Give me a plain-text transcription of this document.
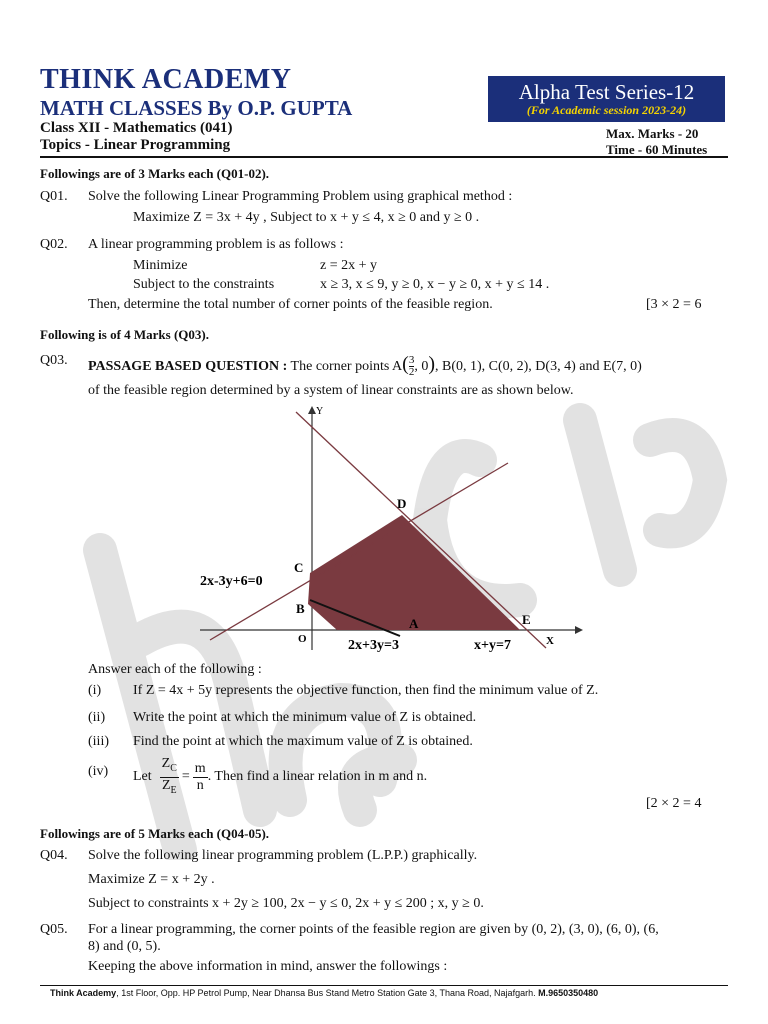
THINK ACADEMY
MATH CLASSES By O.P. GUPTA
Class XII - Mathematics (041)
Topics - Linear Programming
Alpha Test Series-12
(For Academic session 2023-24)
Max. Marks - 20
Time - 60 Minutes
Followings are of 3 Marks each (Q01-02).
Q01. Solve the following Linear Programming Problem using graphical method :
Maximize Z = 3x + 4y , Subject to x + y ≤ 4, x ≥ 0 and y ≥ 0 .
Q02. A linear programming problem is as follows :
Minimize	z = 2x + y
Subject to the constraints	x ≥ 3, x ≤ 9, y ≥ 0, x − y ≥ 0, x + y ≤ 14 .
Then, determine the total number of corner points of the feasible region.	[3 × 2 = 6
Following is of 4 Marks (Q03).
Q03. PASSAGE BASED QUESTION : The corner points $A( \frac{3}{2}$ , 0), B(0, 1), C(0, 2), D(3, 4) and E(7, 0)
of the feasible region determined by a system of linear constraints are as shown below.
Y
X
O
A
B
C
D
E
2x-3y+6=0
2x+3y=3	x+y=7
Answer each of the following :
(i) If Z = 4x + 5y represents the objective function, then find the minimum value of Z.
(ii) Write the point at which the minimum value of Z is obtained.
(iii) Find the point at which the maximum value of Z is obtained.
(iv) Let $\frac{Z_C}{Z_E} = \frac{m}{n}$ . Then find a linear relation in m and n.
[2 × 2 = 4
Followings are of 5 Marks each (Q04-05).
Q04. Solve the following linear programming problem (L.P.P.) graphically.
Maximize Z = x + 2y .
Subject to constraints x + 2y ≥ 100, 2x − y ≤ 0, 2x + y ≤ 200 ; x, y ≥ 0.
Q05. For a linear programming, the corner points of the feasible region are given by (0, 2), (3, 0), (6, 0), (6,
8) and (0, 5).
Keeping the above information in mind, answer the followings :
Think Academy, 1st Floor, Opp. HP Petrol Pump, Near Dhansa Bus Stand Metro Station Gate 3, Thana Road, Najafgarh. M.9650350480
